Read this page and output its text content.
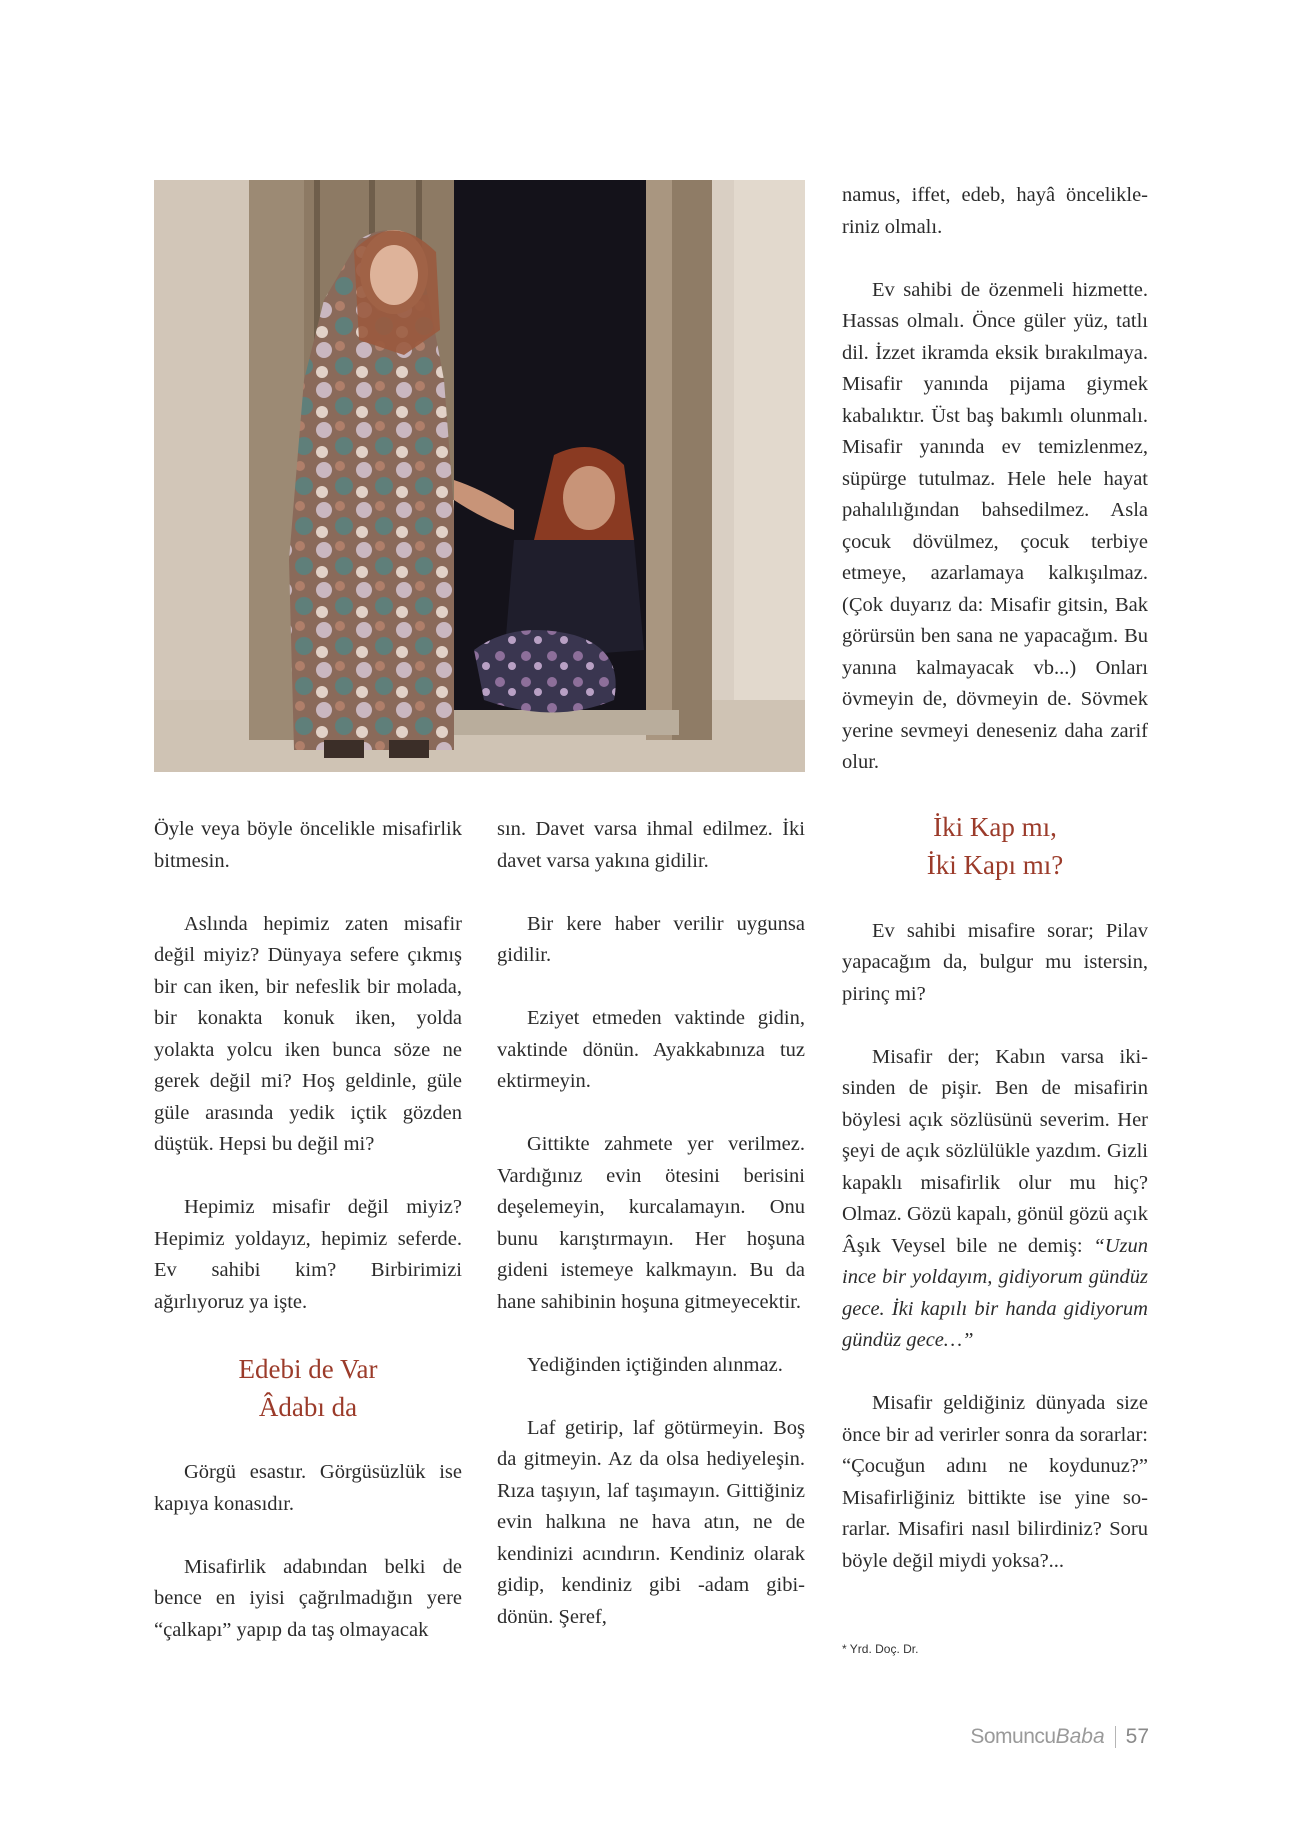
namus, iffet, edeb, hayâ öncelikleriniz olmalı.

Ev sahibi de özenmeli hizmette. Hassas olmalı. Önce güler yüz, tatlı dil. İzzet ikramda eksik bırakılmaya. Misafir yanında pijama giymek kabalıktır. Üst baş bakımlı olunmalı. Misafir yanında ev temizlenmez, süpürge tutulmaz. Hele hele hayat pahalılığından bahsedilmez. Asla çocuk dövülmez, çocuk terbiye etmeye, azarlamaya kalkışılmaz. (Çok duyarız da: Misafir gitsin, Bak görürsün ben sana ne yapacağım. Bu yanına kalmayacak vb...) Onları övmeyin de, dövmeyin de. Sövmek yerine sevmeyi deneseniz daha zarif olur.

Öyle veya böyle öncelikle misafirlik bitmesin.

Aslında hepimiz zaten misafir değil miyiz? Dünyaya sefere çıkmış bir can iken, bir nefeslik bir molada, bir konakta konuk iken, yolda yolakta yolcu iken bunca söze ne gerek değil mi? Hoş geldinle, güle güle arasında yedik içtik gözden düştük. Hepsi bu değil mi?

Hepimiz misafir değil miyiz? Hepimiz yoldayız, hepimiz seferde. Ev sahibi kim? Birbirimizi ağırlıyoruz ya işte.

Edebi de Var
Âdabı da

Görgü esastır. Görgüsüzlük ise kapıya konasıdır.

Misafirlik adabından belki de bence en iyisi çağrılmadığın yere “çalkapı” yapıp da taş olmayacak

sın. Davet varsa ihmal edilmez. İki davet varsa yakına gidilir.

Bir kere haber verilir uygunsa gidilir.

Eziyet etmeden vaktinde gidin, vaktinde dönün. Ayakkabınıza tuz ektirmeyin.

Gittikte zahmete yer verilmez. Vardığınız evin ötesini berisini deşelemeyin, kurcalamayın. Onu bunu karıştırmayın. Her hoşuna gideni istemeye kalkmayın. Bu da hane sahibinin hoşuna gitmeyecektir.

Yediğinden içtiğinden alınmaz.

Laf getirip, laf götürmeyin. Boş da gitmeyin. Az da olsa hediyeleşin. Rıza taşıyın, laf taşımayın. Gittiğiniz evin halkına ne hava atın, ne de kendinizi acındırın. Kendiniz olarak gidip, kendiniz gibi -adam gibi- dönün. Şeref,

İki Kap mı,
İki Kapı mı?

Ev sahibi misafire sorar; Pilav yapacağım da, bulgur mu istersin, pirinç mi?

Misafir der; Kabın varsa ikisinden de pişir. Ben de misafirin böylesi açık sözlüsünü severim. Her şeyi de açık sözlülükle yazdım. Gizli kapaklı misafirlik olur mu hiç? Olmaz. Gözü kapalı, gönül gözü açık Âşık Veysel bile ne demiş: “Uzun ince bir yoldayım, gidiyorum gündüz gece. İki kapılı bir handa gidiyorum gündüz gece…”

Misafir geldiğiniz dünyada size önce bir ad verirler sonra da sorarlar: “Çocuğun adını ne koydunuz?” Misafirliğiniz bittikte ise yine sorarlar. Misafiri nasıl bilirdiniz? Soru böyle değil miydi yoksa?...

* Yrd. Doç. Dr.
SomuncuBaba 57
